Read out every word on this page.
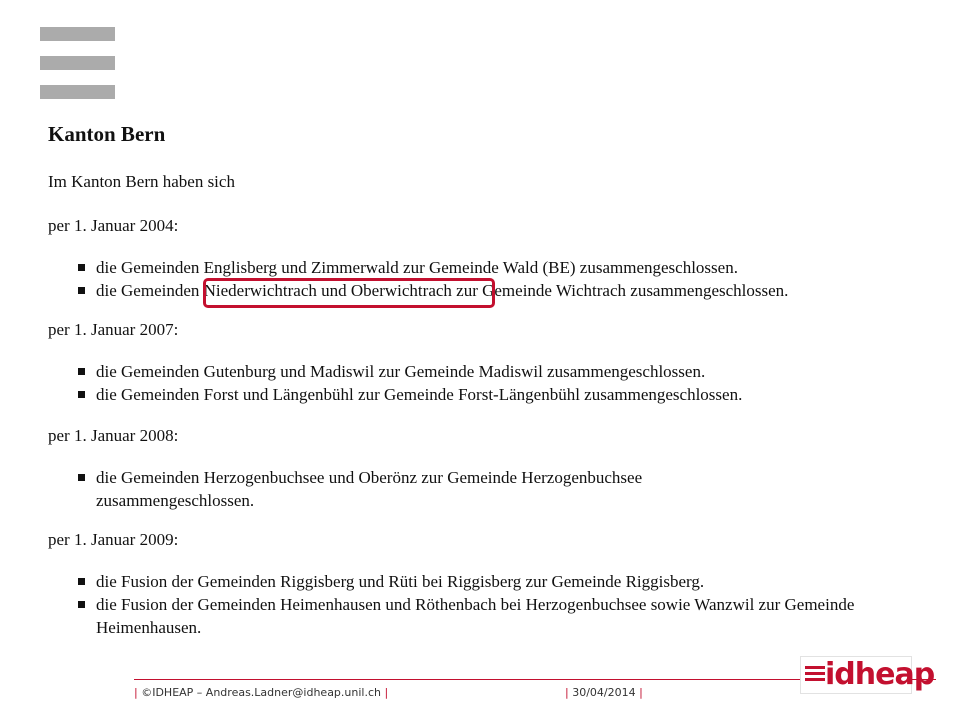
Kanton Bern

Im Kanton Bern haben sich

per 1. Januar 2004:

die Gemeinden Englisberg und Zimmerwald zur Gemeinde Wald (BE) zusammengeschlossen.
die Gemeinden Niederwichtrach und Oberwichtrach zur Gemeinde Wichtrach zusammengeschlossen.

per 1. Januar 2007:

die Gemeinden Gutenburg und Madiswil zur Gemeinde Madiswil zusammengeschlossen.
die Gemeinden Forst und Längenbühl zur Gemeinde Forst-Längenbühl zusammengeschlossen.

per 1. Januar 2008:

die Gemeinden Herzogenbuchsee und Oberönz zur Gemeinde Herzogenbuchsee zusammengeschlossen.

per 1. Januar 2009:

die Fusion der Gemeinden Riggisberg und Rüti bei Riggisberg zur Gemeinde Riggisberg.
die Fusion der Gemeinden Heimenhausen und Röthenbach bei Herzogenbuchsee sowie Wanzwil zur Gemeinde Heimenhausen.
| ©IDHEAP – Andreas.Ladner@idheap.unil.ch |	| 30/04/2014 |
idheap
